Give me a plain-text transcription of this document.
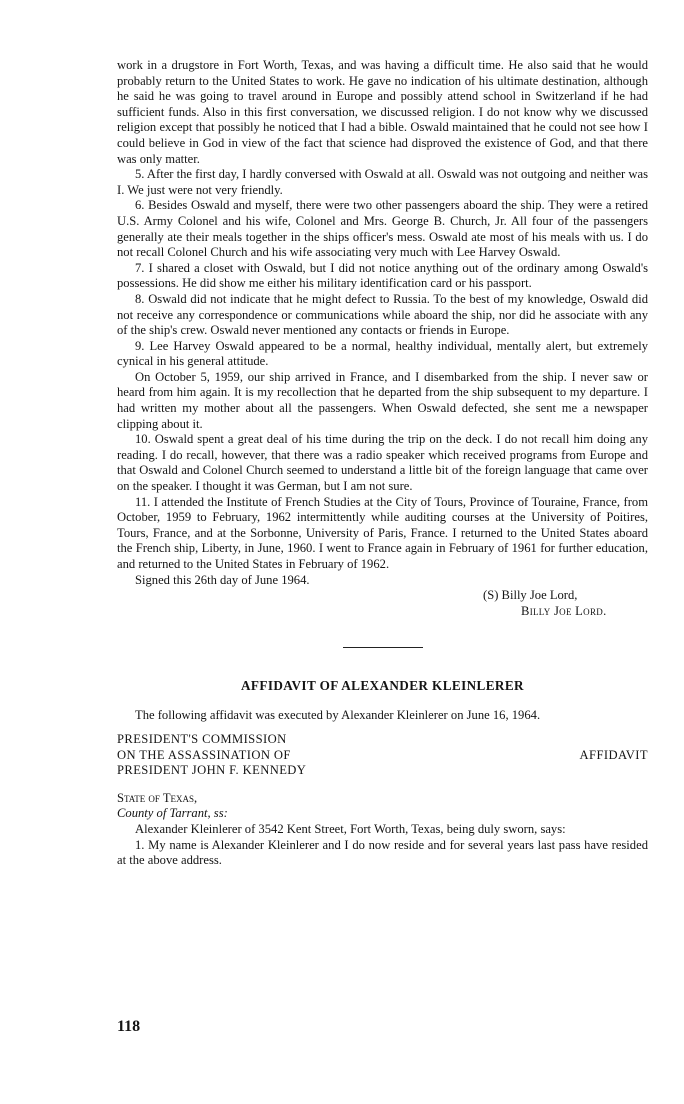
work in a drugstore in Fort Worth, Texas, and was having a difficult time. He also said that he would probably return to the United States to work. He gave no indication of his ultimate destination, although he said he was going to travel around in Europe and possibly attend school in Switzerland if he had sufficient funds. Also in this first conversation, we discussed religion. I do not know why we discussed religion except that possibly he noticed that I had a bible. Oswald maintained that he could not see how I could believe in God in view of the fact that science had disproved the existence of God, and that there was only matter.

5. After the first day, I hardly conversed with Oswald at all. Oswald was not outgoing and neither was I. We just were not very friendly.

6. Besides Oswald and myself, there were two other passengers aboard the ship. They were a retired U.S. Army Colonel and his wife, Colonel and Mrs. George B. Church, Jr. All four of the passengers generally ate their meals together in the ships officer's mess. Oswald ate most of his meals with us. I do not recall Colonel Church and his wife associating very much with Lee Harvey Oswald.

7. I shared a closet with Oswald, but I did not notice anything out of the ordinary among Oswald's possessions. He did show me either his military identification card or his passport.

8. Oswald did not indicate that he might defect to Russia. To the best of my knowledge, Oswald did not receive any correspondence or communications while aboard the ship, nor did he associate with any of the ship's crew. Oswald never mentioned any contacts or friends in Europe.

9. Lee Harvey Oswald appeared to be a normal, healthy individual, mentally alert, but extremely cynical in his general attitude.

On October 5, 1959, our ship arrived in France, and I disembarked from the ship. I never saw or heard from him again. It is my recollection that he departed from the ship subsequent to my departure. I had written my mother about all the passengers. When Oswald defected, she sent me a newspaper clipping about it.

10. Oswald spent a great deal of his time during the trip on the deck. I do not recall him doing any reading. I do recall, however, that there was a radio speaker which received programs from Europe and that Oswald and Colonel Church seemed to understand a little bit of the foreign language that came over on the speaker. I thought it was German, but I am not sure.

11. I attended the Institute of French Studies at the City of Tours, Province of Touraine, France, from October, 1959 to February, 1962 intermittently while auditing courses at the University of Poitires, Tours, France, and at the Sorbonne, University of Paris, France. I returned to the United States aboard the French ship, Liberty, in June, 1960. I went to France again in February of 1961 for further education, and returned to the United States in February of 1962.

Signed this 26th day of June 1964.

(S) Billy Joe Lord,
Billy Joe Lord.
AFFIDAVIT OF ALEXANDER KLEINLERER

The following affidavit was executed by Alexander Kleinlerer on June 16, 1964.

PRESIDENT'S COMMISSION
ON THE ASSASSINATION OF
PRESIDENT JOHN F. KENNEDY
AFFIDAVIT
State of Texas,
County of Tarrant, ss:

Alexander Kleinlerer of 3542 Kent Street, Fort Worth, Texas, being duly sworn, says:

1. My name is Alexander Kleinlerer and I do now reside and for several years last pass have resided at the above address.

118
